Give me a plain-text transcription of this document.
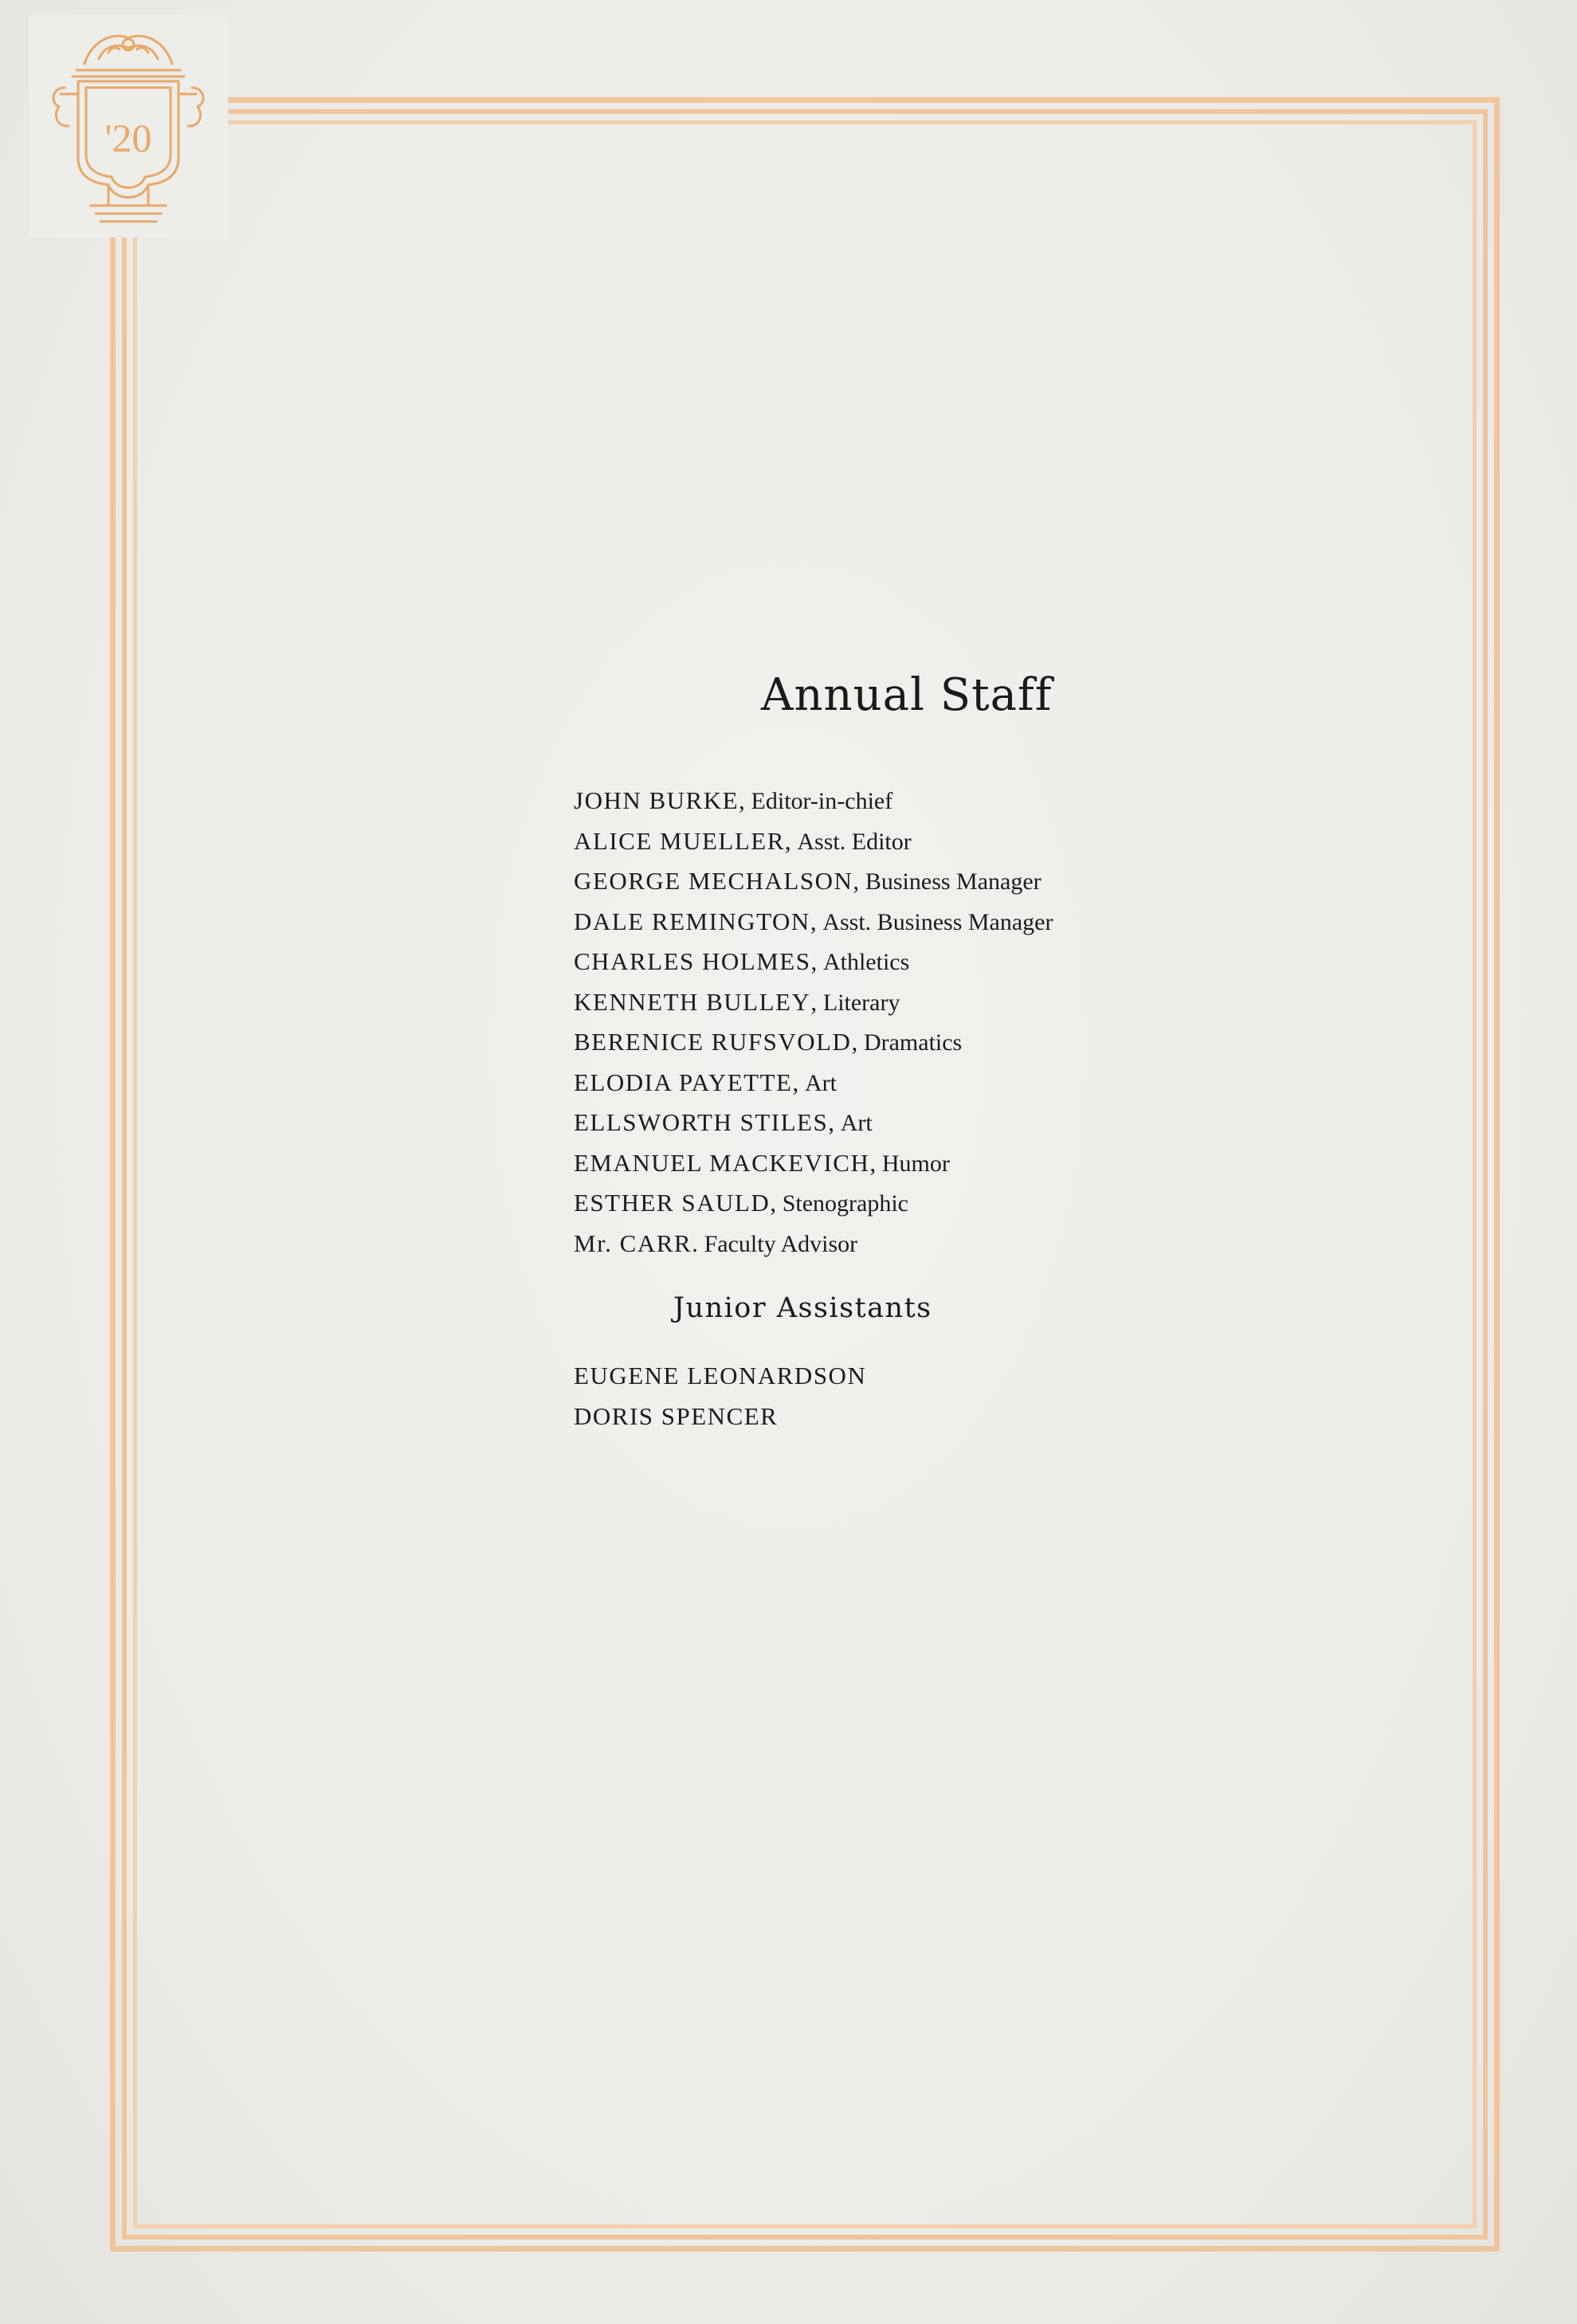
'20
Annual Staff
JOHN BURKE, Editor-in-chief
ALICE MUELLER, Asst. Editor
GEORGE MECHALSON, Business Manager
DALE REMINGTON, Asst. Business Manager
CHARLES HOLMES, Athletics
KENNETH BULLEY, Literary
BERENICE RUFSVOLD, Dramatics
ELODIA PAYETTE, Art
ELLSWORTH STILES, Art
EMANUEL MACKEVICH, Humor
ESTHER SAULD, Stenographic
Mr. CARR. Faculty Advisor
Junior Assistants
EUGENE LEONARDSON
DORIS SPENCER
